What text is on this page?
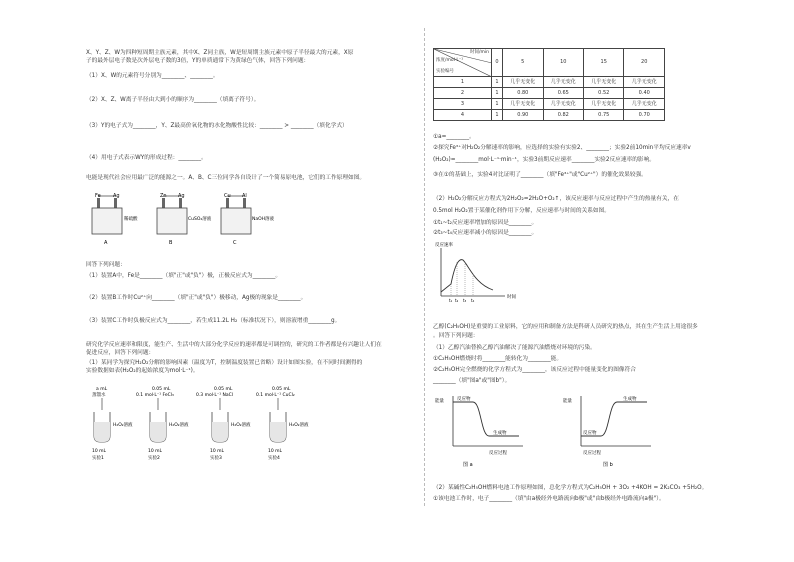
X、Y、Z、W为四种短周期主族元素，其中X、Z同主族，W是短周期主族元素中原子半径最大的元素，X原
子的最外层电子数是次外层电子数的3倍，Y的单质通常下为黄绿色气体，回答下列问题：
（1）X、W的元素符号分别为________、________。
（2）X、Z、W离子半径由大到小的顺序为________（填离子符号）。
（3）Y的电子式为________，Y、Z最高价氧化物的水化物酸性比较：________ > ________（填化学式）
（4）用电子式表示WY的形成过程：________。
电能是现代社会应用最广泛的能源之一。A、B、C三位同学各自设计了一个简易原电池，它们的工作原理如图。
Fe Ag
稀硫酸
A
Zn Ag
CuSO₄溶液
B
Cu Al
NaOH溶液
C
回答下列问题：
（1）装置A中，Fe是________（填"正"或"负"）极，正极反应式为________。
（2）装置B工作时Cu²⁺向________（填"正"或"负"）极移动，Ag极的现象是________。
（3）装置C工作时负极反应式为________，若生成11.2L H₂（标准状况下），则溶液增重________g。
研究化学反应速率和限度，能生产、生活中的大部分化学反应的速率都是可调控的，研究的工作者都是有兴趣让人们在
促进反应，回答下列问题：
（1）某同学为探究H₂O₂分解的影响因素（温度为T，控制温度装置已省略）设计如图实验，在不同时间测得的
实验数据如表(H₂O₂的起始浓度为mol·L⁻¹)。
a mL
蒸馏水
H₂O₂溶液
10 mL
实验1
0.05 mL
0.1 mol·L⁻¹ FeCl₃
H₂O₂溶液
10 mL
实验2
0.05 mL
0.3 mol·L⁻¹ NaCl
H₂O₂溶液
10 mL
实验3
0.05 mL
0.1 mol·L⁻¹ CuCl₂
H₂O₂溶液
10 mL
实验4
时间/min
浓度/mol·L⁻¹
实验编号	0	5	10	15	20
1	1	几乎无变化	几乎无变化	几乎无变化	几乎无变化
2	1	0.80	0.65	0.52	0.40
3	1	几乎无变化	几乎无变化	几乎无变化	几乎无变化
4	1	0.90	0.82	0.75	0.70
①a=________。
②探究Fe³⁺对H₂O₂分解速率的影响，应选择的实验有实验2、________；实验2前10min平均反应速率v
(H₂O₂)=________mol·L⁻¹·min⁻¹，实验3前期反应速率________实验2反应速率的影响。
③在①的基础上，实验4对比证明了________（填"Fe³⁺"或"Cu²⁺"）的催化效果较强。
（2）H₂O₂分解反应方程式为2H₂O₂=2H₂O+O₂↑，该反应速率与反应过程中产生的热量有关，在
0.5mol H₂O₂置于某催化剂作用下分解，反应速率与时间的关系如图。
①t₁~t₂反应速率增加的原因是________。
②t₃~t₄反应速率减小的原因是________。
反应速率
时间
t₁ t₂ t₃ t₄
乙醇(C₂H₅OH)是重要的工业原料，它的应用和制备方法是科研人员研究的热点，其在生产生活上用途很多
。回答下列问题：
（1）乙醇汽油替换乙醇汽油解决了能源汽油燃烧对环境的污染。
①C₂H₅OH燃烧时将________能转化为________能。
②C₂H₅OH完全燃烧的化学方程式为________，该反应过程中能量变化的图像符合
________（填"图a"或"图b"）。
能量	反应物
生成物
反应过程
图 a
能量	生成物
反应物
反应过程
图 b
（2）某碱性C₂H₅OH燃料电池工作原理如图，总化学方程式为C₂H₅OH + 3O₂ +4KOH = 2K₂CO₃ +5H₂O。
①该电池工作时，电子________（填"由a极经外电路流向b极"或"由b极经外电路流向a极"）。
